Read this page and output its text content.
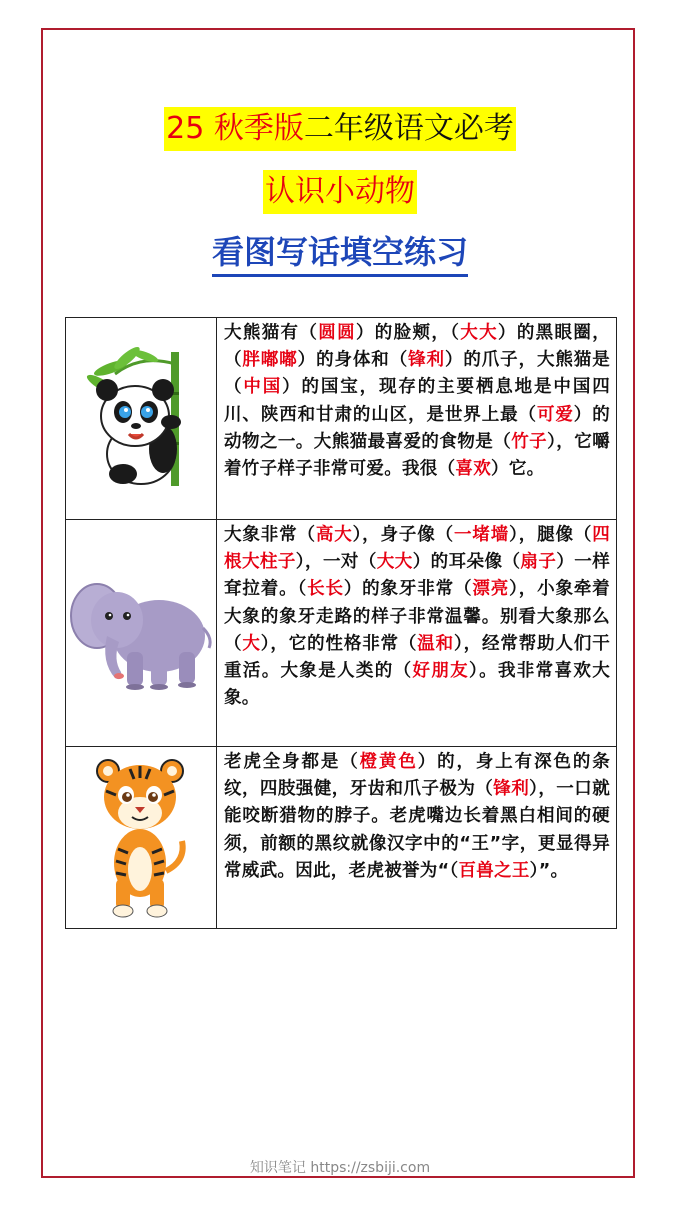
25 秋季版二年级语文必考
认识小动物
看图写话填空练习
	大熊猫有（圆圆）的脸颊，（大大）的黑眼圈，（胖嘟嘟）的身体和（锋利）的爪子，大熊猫是（中国）的国宝，现存的主要栖息地是中国四川、陕西和甘肃的山区，是世界上最（可爱）的动物之一。大熊猫最喜爱的食物是（竹子），它嚼着竹子样子非常可爱。我很（喜欢）它。
	大象非常（高大），身子像（一堵墙），腿像（四根大柱子），一对（大大）的耳朵像（扇子）一样耷拉着。（长长）的象牙非常（漂亮），小象牵着大象的象牙走路的样子非常温馨。别看大象那么（大），它的性格非常（温和），经常帮助人们干重活。大象是人类的（好朋友）。我非常喜欢大象。
	老虎全身都是（橙黄色）的，身上有深色的条纹，四肢强健，牙齿和爪子极为（锋利），一口就能咬断猎物的脖子。老虎嘴边长着黑白相间的硬须，前额的黑纹就像汉字中的“王”字，更显得异常威武。因此，老虎被誉为“（百兽之王）”。
知识笔记 https://zsbiji.com
